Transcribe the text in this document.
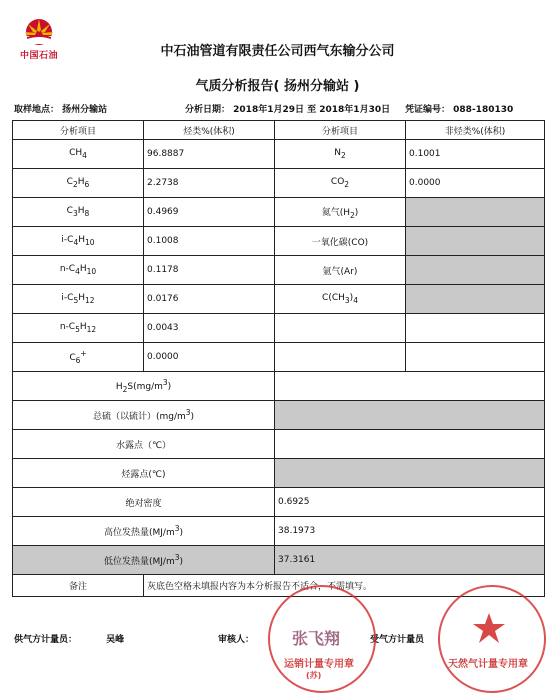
中国石油	中石油管道有限责任公司西气东输分公司
气质分析报告( 扬州分输站 )
取样地点： 扬州分输站	分析日期： 2018年1月29日 至 2018年1月30日 凭证编号： 088-180130
分析项目	烃类%(体积)	分析项目	非烃类%(体积)
$CH_4$	96.8887	$N_2$	0.1001
$C_2H_6$	2.2738	$CO_2$	0.0000
$C_3H_8$	0.4969	氦气$(H_2)$	
$i-C_4H_{10}$	0.1008	一氧化碳(CO)	
$n-C_4H_{10}$	0.1178	氩气(Ar)	
$i-C_5H_{12}$	0.0176	$C(CH_3)_4$	
$n-C_5H_{12}$	0.0043		
$C_6^+$	0.0000		
$H_2S(mg/m^3)$			
总硫（以硫计）$(mg/m^3)$			
水露点（℃）			
烃露点(℃)			
绝对密度		0.6925	
高位发热量$(MJ/m^3)$		38.1973	
低位发热量$(MJ/m^3)$		37.3161	
备注	灰底色空格未填报内容为本分析报告不适合，不需填写。		
供气方计量员：	吴峰	审核人：	受气方计量员
运销计量专用章
(苏)
张飞翔
天然气计量专用章
